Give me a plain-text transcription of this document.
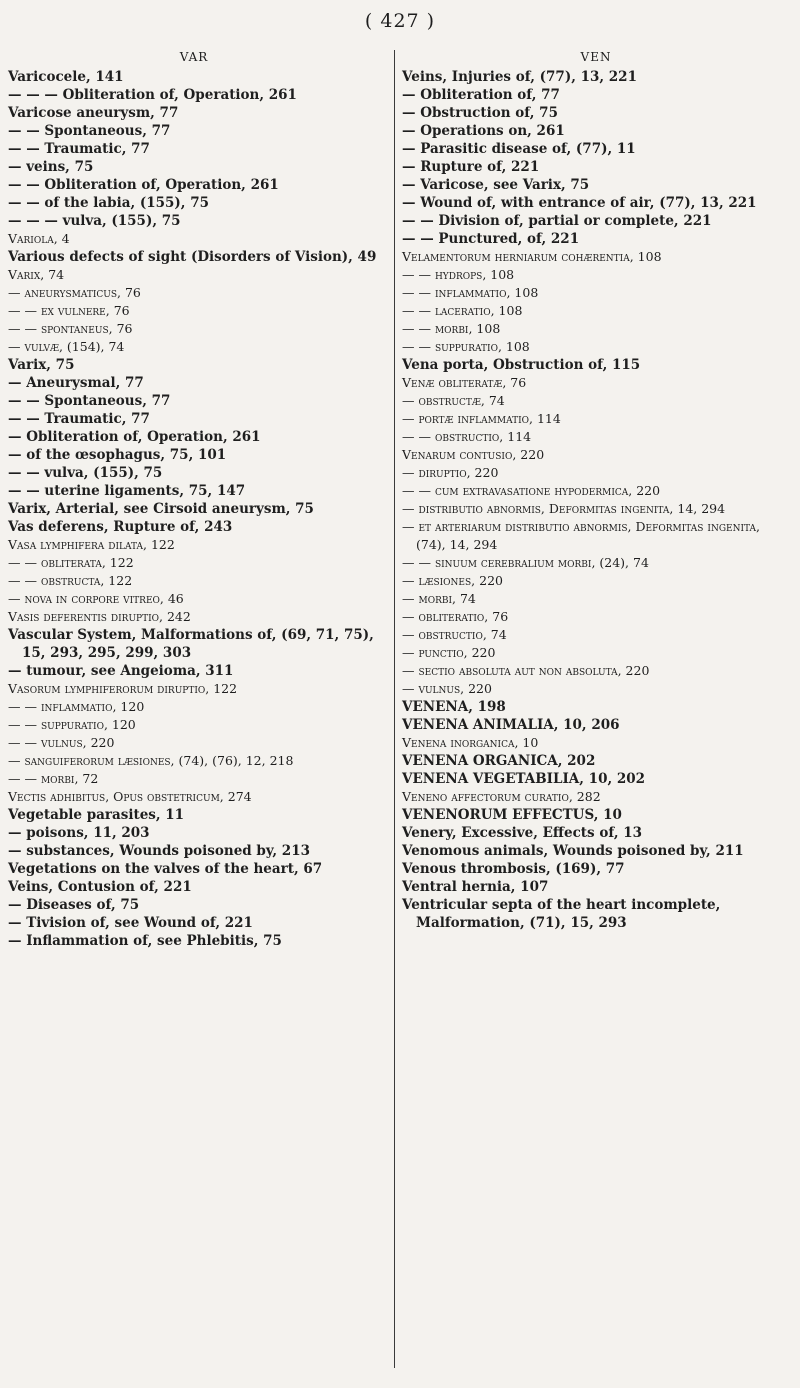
( 427 )
VAR

Varicocele, 141

— — — Obliteration of, Operation, 261

Varicose aneurysm, 77

— — Spontaneous, 77

— — Traumatic, 77

— veins, 75

— — Obliteration of, Operation, 261

— — of the labia, (155), 75

— — — vulva, (155), 75

Variola, 4

Various defects of sight (Disorders of Vision), 49

Varix, 74

— aneurysmaticus, 76

— — ex vulnere, 76

— — spontaneus, 76

— vulvæ, (154), 74

Varix, 75

— Aneurysmal, 77

— — Spontaneous, 77

— — Traumatic, 77

— Obliteration of, Operation, 261

— of the œsophagus, 75, 101

— — vulva, (155), 75

— — uterine ligaments, 75, 147

Varix, Arterial, see Cirsoid aneurysm, 75

Vas deferens, Rupture of, 243

Vasa lymphifera dilata, 122

— — obliterata, 122

— — obstructa, 122

— nova in corpore vitreo, 46

Vasis deferentis diruptio, 242

Vascular System, Malformations of, (69, 71, 75), 15, 293, 295, 299, 303

— tumour, see Angeioma, 311

Vasorum lymphiferorum diruptio, 122

— — inflammatio, 120

— — suppuratio, 120

— — vulnus, 220

— sanguiferorum læsiones, (74), (76), 12, 218

— — morbi, 72

Vectis adhibitus, Opus obstetricum, 274

Vegetable parasites, 11

— poisons, 11, 203

— substances, Wounds poisoned by, 213

Vegetations on the valves of the heart, 67

Veins, Contusion of, 221

— Diseases of, 75

— Tivision of, see Wound of, 221

— Inflammation of, see Phlebitis, 75

VEN

Veins, Injuries of, (77), 13, 221

— Obliteration of, 77

— Obstruction of, 75

— Operations on, 261

— Parasitic disease of, (77), 11

— Rupture of, 221

— Varicose, see Varix, 75

— Wound of, with entrance of air, (77), 13, 221

— — Division of, partial or complete, 221

— — Punctured, of, 221

Velamentorum herniarum cohærentia, 108

— — hydrops, 108

— — inflammatio, 108

— — laceratio, 108

— — morbi, 108

— — suppuratio, 108

Vena porta, Obstruction of, 115

Venæ obliteratæ, 76

— obstructæ, 74

— portæ inflammatio, 114

— — obstructio, 114

Venarum contusio, 220

— diruptio, 220

— — cum extravasatione hypodermica, 220

— distributio abnormis, Deformitas ingenita, 14, 294

— et arteriarum distributio abnormis, Deformitas ingenita, (74), 14, 294

— — sinuum cerebralium morbi, (24), 74

— læsiones, 220

— morbi, 74

— obliteratio, 76

— obstructio, 74

— punctio, 220

— sectio absoluta aut non absoluta, 220

— vulnus, 220

VENENA, 198

VENENA ANIMALIA, 10, 206

Venena inorganica, 10

VENENA ORGANICA, 202

VENENA VEGETABILIA, 10, 202

Veneno affectorum curatio, 282

VENENORUM EFFECTUS, 10

Venery, Excessive, Effects of, 13

Venomous animals, Wounds poisoned by, 211

Venous thrombosis, (169), 77

Ventral hernia, 107

Ventricular septa of the heart incomplete, Malformation, (71), 15, 293
